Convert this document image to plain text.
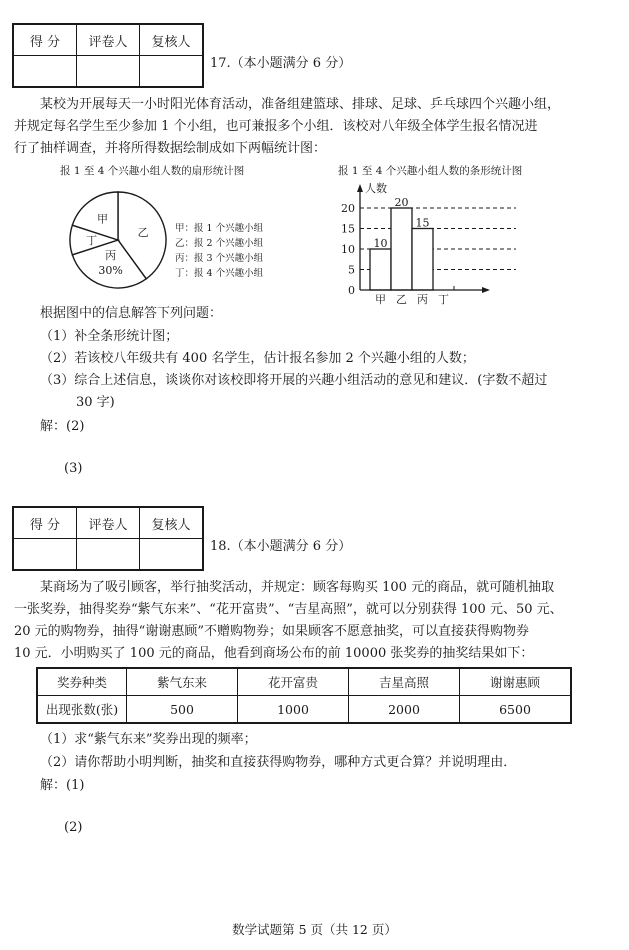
得 分	评卷人	复核人

17.（本小题满分 6 分）
某校为开展每天一小时阳光体育活动，准备组建篮球、排球、足球、乒乓球四个兴趣小组，
并规定每名学生至少参加 1 个小组，也可兼报多个小组．该校对八年级全体学生报名情况进
行了抽样调查，并将所得数据绘制成如下两幅统计图：
报 1 至 4 个兴趣小组人数的扇形统计图
乙
丙
30%
丁
甲
甲：报 1 个兴趣小组
乙：报 2 个兴趣小组
丙：报 3 个兴趣小组
丁：报 4 个兴趣小组
报 1 至 4 个兴趣小组人数的条形统计图
0
5
10
15
20
10
甲
20
乙
15
丙 丁
人数
根据图中的信息解答下列问题：
（1）补全条形统计图；
（2）若该校八年级共有 400 名学生，估计报名参加 2 个兴趣小组的人数；
（3）综合上述信息，谈谈你对该校即将开展的兴趣小组活动的意见和建议．(字数不超过
30 字)
解：(2)
(3)
得 分	评卷人	复核人

18.（本小题满分 6 分）
某商场为了吸引顾客，举行抽奖活动，并规定：顾客每购买 100 元的商品，就可随机抽取
一张奖券，抽得奖券“紫气东来”、“花开富贵”、“吉星高照”，就可以分别获得 100 元、50 元、
20 元的购物券，抽得“谢谢惠顾”不赠购物券；如果顾客不愿意抽奖，可以直接获得购物券
10 元．小明购买了 100 元的商品，他看到商场公布的前 10000 张奖券的抽奖结果如下：
奖券种类	紫气东来	花开富贵	吉星高照	谢谢惠顾
出现张数(张)	500	1000	2000	6500
（1）求“紫气东来”奖券出现的频率；
（2）请你帮助小明判断，抽奖和直接获得购物券，哪种方式更合算？并说明理由．
解：(1)
(2)
数学试题第 5 页（共 12 页）
